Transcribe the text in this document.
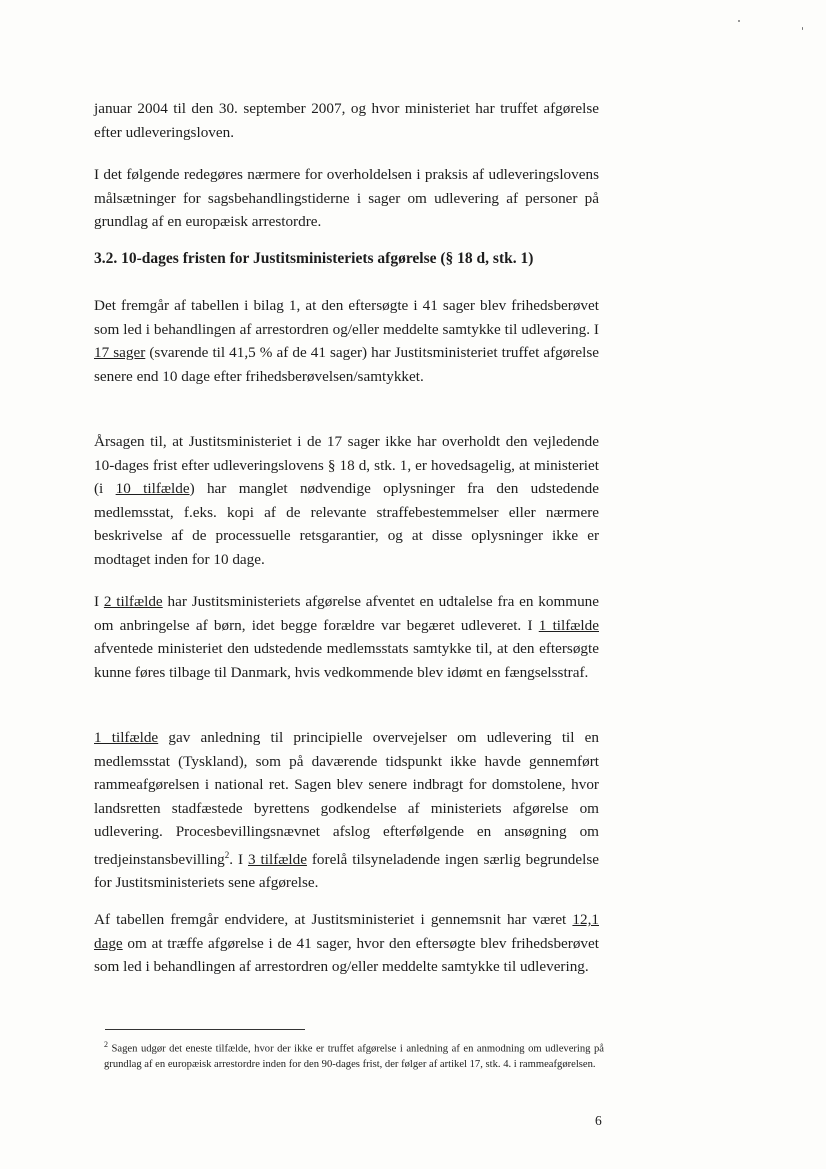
januar 2004 til den 30. september 2007, og hvor ministeriet har truffet afgørelse efter udleveringsloven.

I det følgende redegøres nærmere for overholdelsen i praksis af udleveringslovens målsætninger for sagsbehandlingstiderne i sager om udlevering af personer på grundlag af en europæisk arrestordre.

3.2. 10-dages fristen for Justitsministeriets afgørelse (§ 18 d, stk. 1)

Det fremgår af tabellen i bilag 1, at den eftersøgte i 41 sager blev frihedsberøvet som led i behandlingen af arrestordren og/eller meddelte samtykke til udlevering. I 17 sager (svarende til 41,5 % af de 41 sager) har Justitsministeriet truffet afgørelse senere end 10 dage efter frihedsberøvelsen/samtykket.

Årsagen til, at Justitsministeriet i de 17 sager ikke har overholdt den vejledende 10-dages frist efter udleveringslovens § 18 d, stk. 1, er hovedsagelig, at ministeriet (i 10 tilfælde) har manglet nødvendige oplysninger fra den udstedende medlemsstat, f.eks. kopi af de relevante straffebestemmelser eller nærmere beskrivelse af de processuelle retsgarantier, og at disse oplysninger ikke er modtaget inden for 10 dage.

I 2 tilfælde har Justitsministeriets afgørelse afventet en udtalelse fra en kommune om anbringelse af børn, idet begge forældre var begæret udleveret. I 1 tilfælde afventede ministeriet den udstedende medlemsstats samtykke til, at den eftersøgte kunne føres tilbage til Danmark, hvis vedkommende blev idømt en fængselsstraf.

1 tilfælde gav anledning til principielle overvejelser om udlevering til en medlemsstat (Tyskland), som på daværende tidspunkt ikke havde gennemført rammeafgørelsen i national ret. Sagen blev senere indbragt for domstolene, hvor landsretten stadfæstede byrettens godkendelse af ministeriets afgørelse om udlevering. Procesbevillingsnævnet afslog efterfølgende en ansøgning om tredjeinstansbevilling$^2$. I 3 tilfælde forelå tilsyneladende ingen særlig begrundelse for Justitsministeriets sene afgørelse.

Af tabellen fremgår endvidere, at Justitsministeriet i gennemsnit har været 12,1 dage om at træffe afgørelse i de 41 sager, hvor den eftersøgte blev frihedsberøvet som led i behandlingen af arrestordren og/eller meddelte samtykke til udlevering.

$^2$ Sagen udgør det eneste tilfælde, hvor der ikke er truffet afgørelse i anledning af en anmodning om udlevering på grundlag af en europæisk arrestordre inden for den 90-dages frist, der følger af artikel 17, stk. 4. i rammeafgørelsen.

6
